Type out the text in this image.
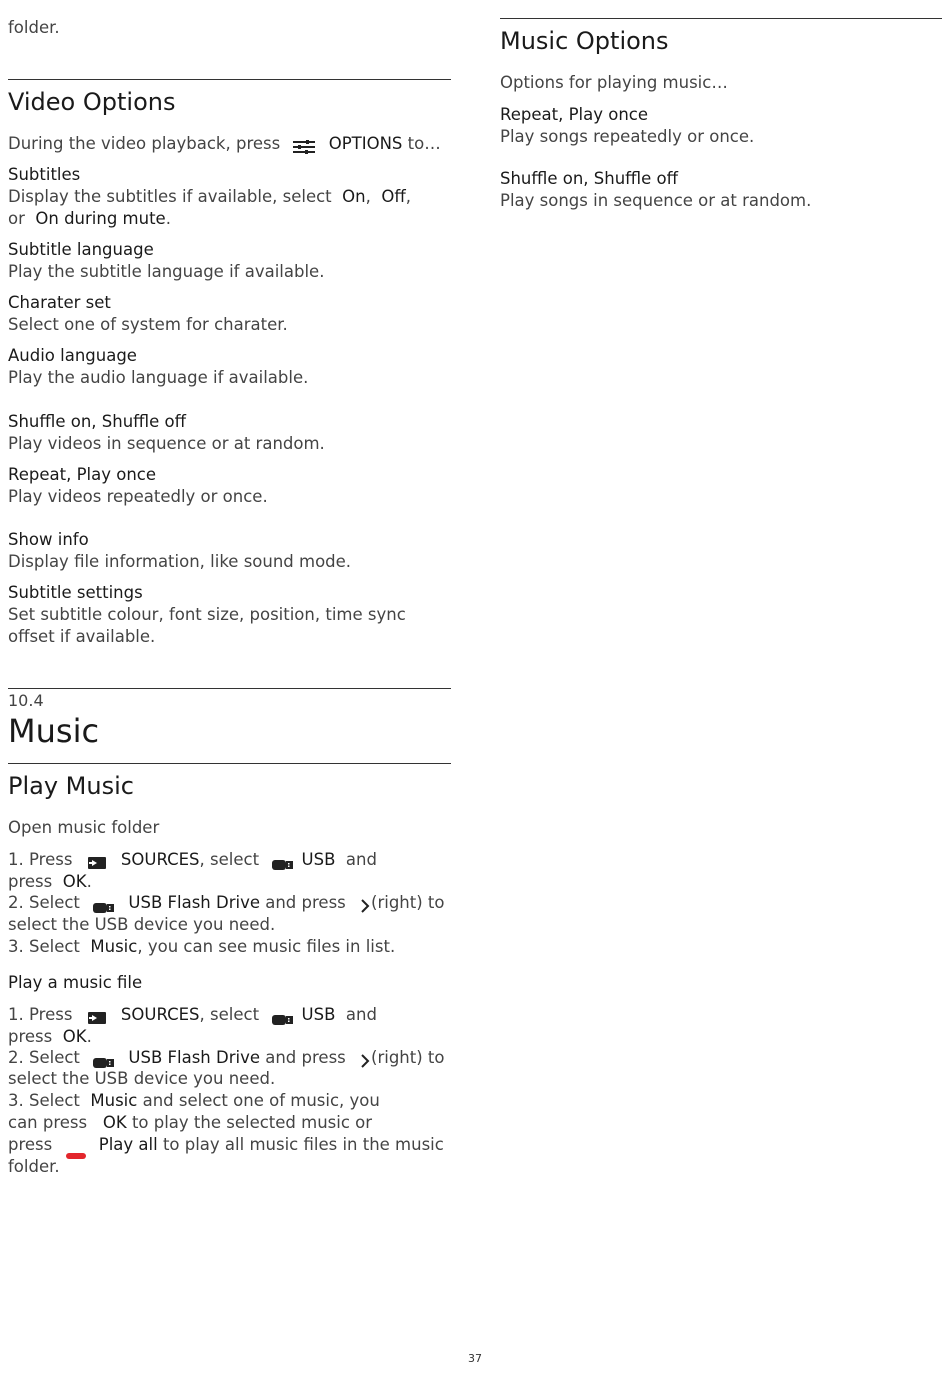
folder.
Video Options
During the video playback, press	OPTIONS to…
Subtitles
Display the subtitles if available, select On,  Off,
or On during mute.
Subtitle language
Play the subtitle language if available.
Charater set
Select one of system for charater.
Audio language
Play the audio language if available.
Shuffle on, Shuffle off
Play videos in sequence or at random.
Repeat, Play once
Play videos repeatedly or once.
Show info
Display file information, like sound mode.
Subtitle settings
Set subtitle colour, font size, position, time sync
offset if available.
10.4
Music
Play Music
Open music folder
1. Press	SOURCES, select	USB and
press OK.
2. Select	USB Flash Drive and press (right) to
select the USB device you need.
3. Select Music, you can see music files in list.
Play a music file
1. Press	SOURCES, select	USB and
press OK.
2. Select	USB Flash Drive and press (right) to
select the USB device you need.
3. Select Music and select one of music, you
can press OK to play the selected music or
press	Play all to play all music files in the music
folder.
Music Options
Options for playing music…
Repeat, Play once
Play songs repeatedly or once.
Shuffle on, Shuffle off
Play songs in sequence or at random.
37
